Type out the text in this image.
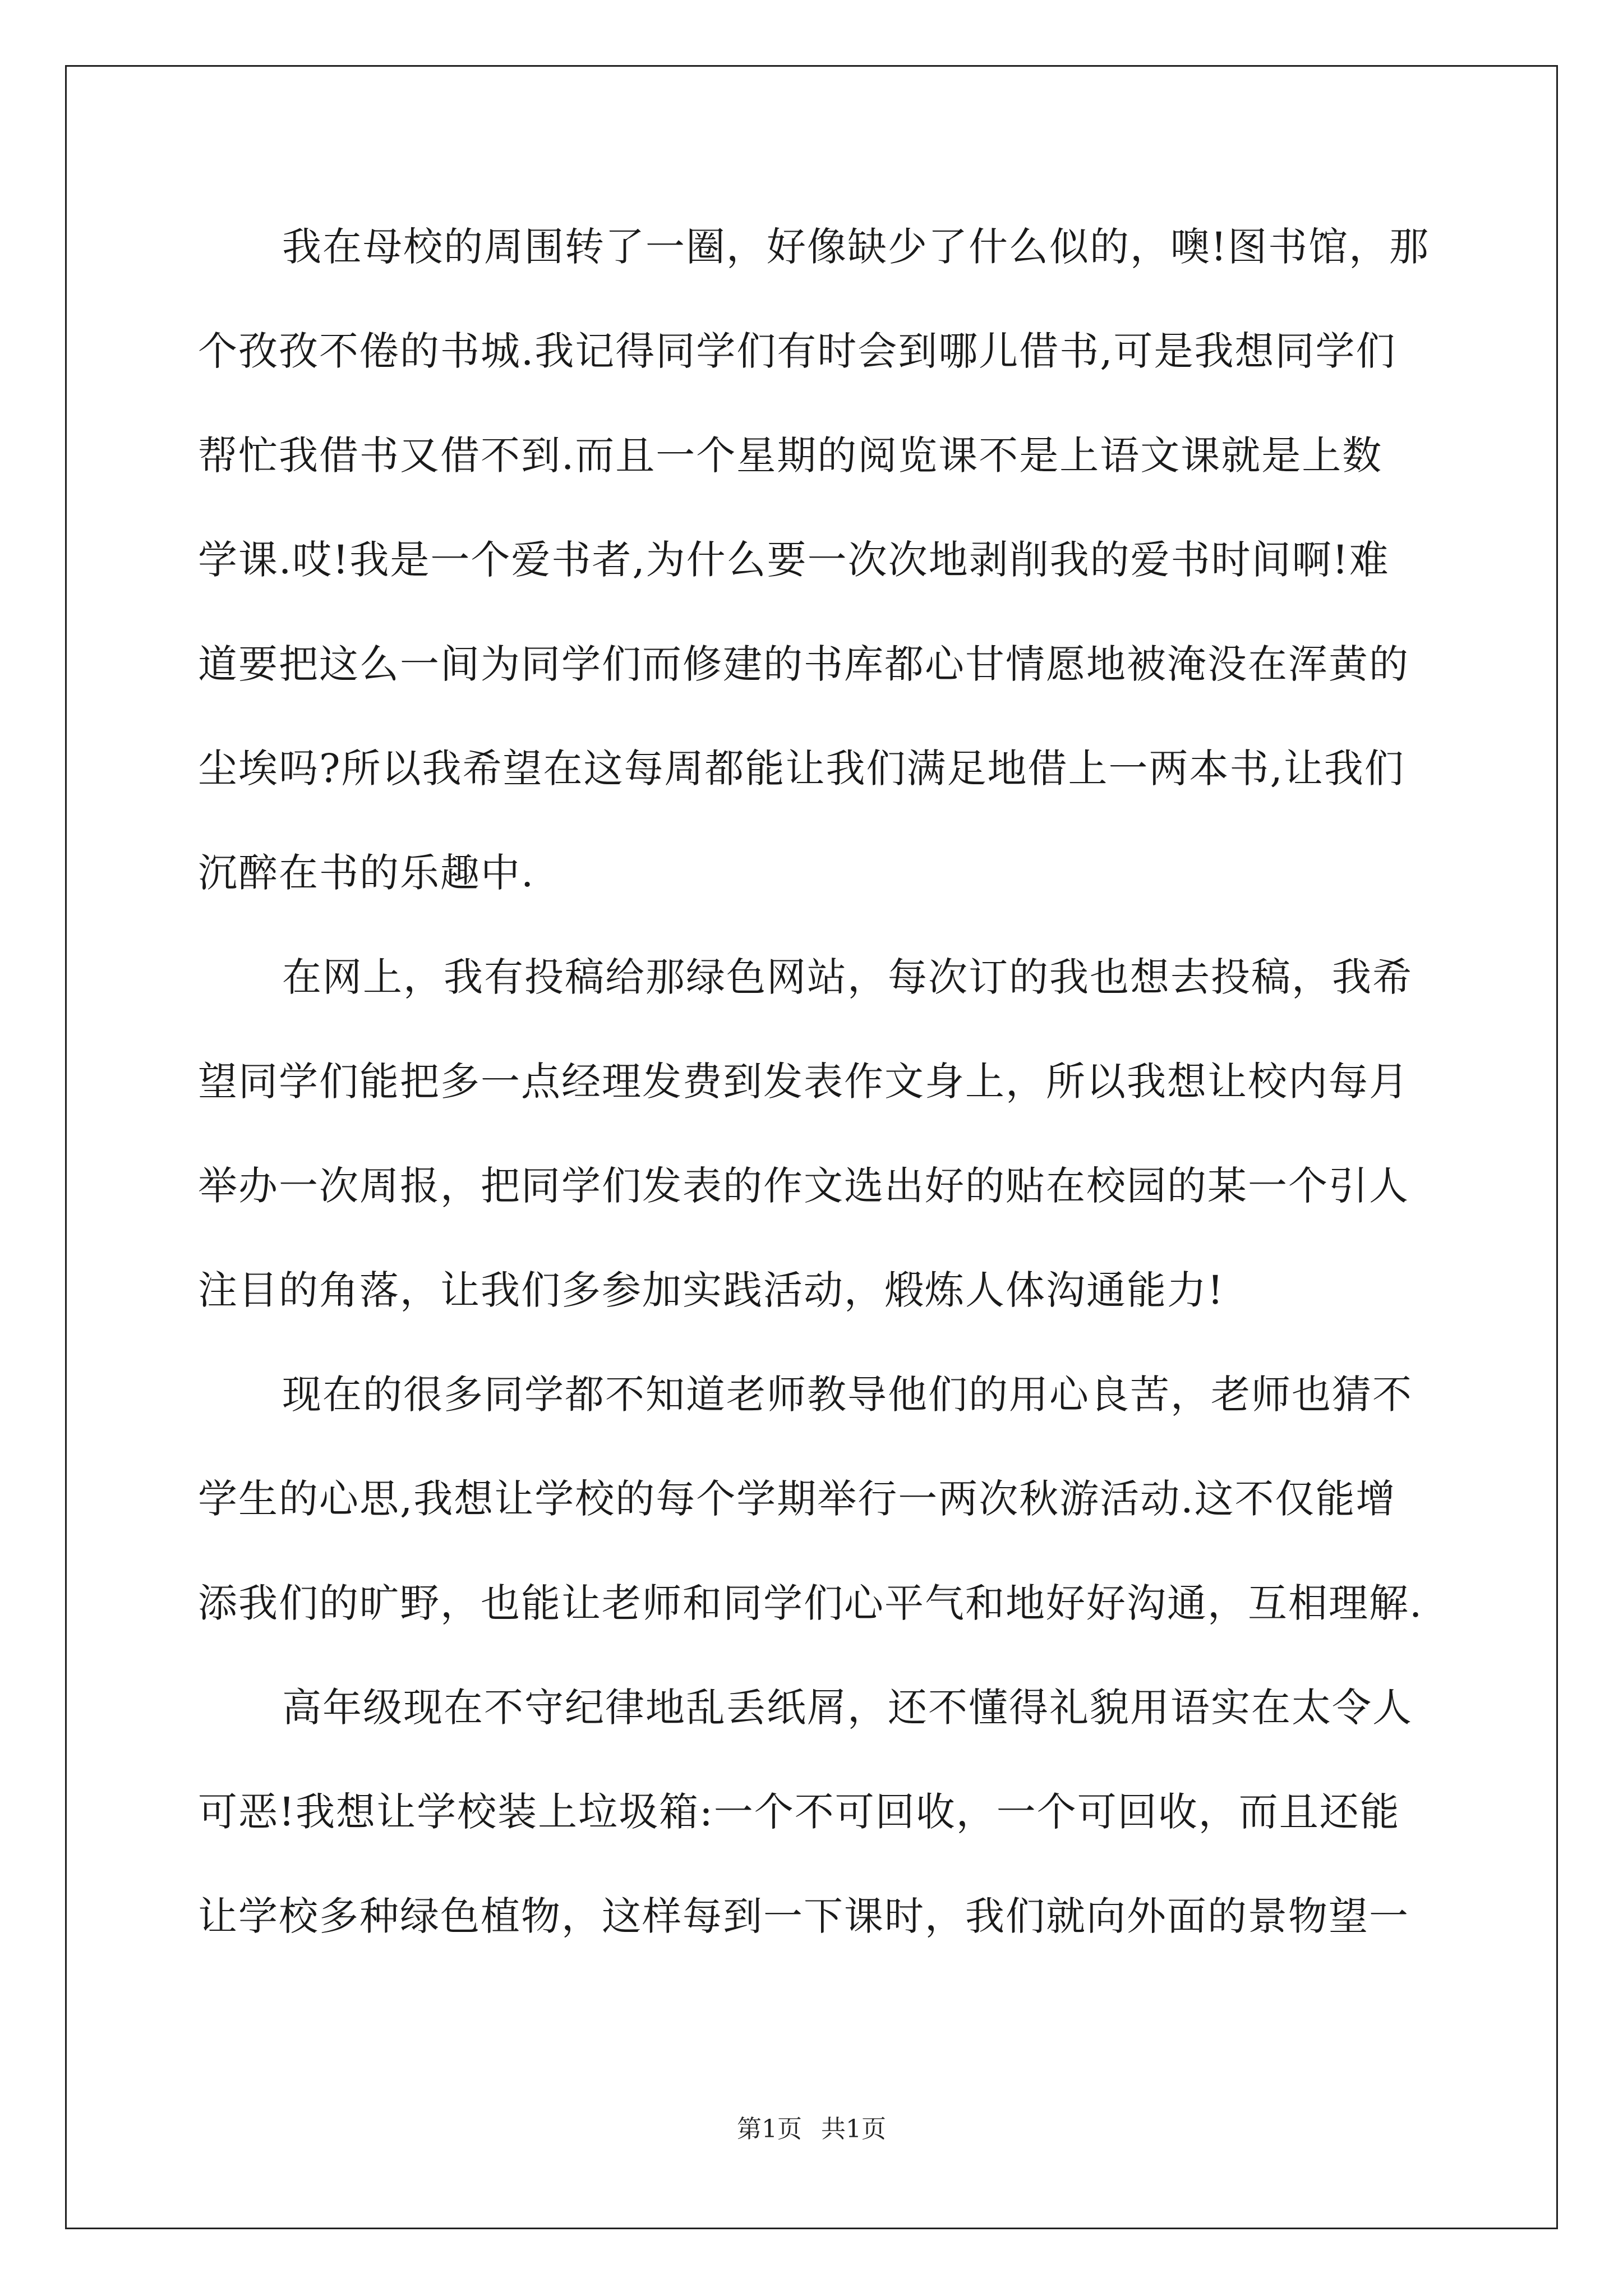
我在母校的周围转了一圈，好像缺少了什么似的，噢!图书馆，那
个孜孜不倦的书城.我记得同学们有时会到哪儿借书,可是我想同学们
帮忙我借书又借不到.而且一个星期的阅览课不是上语文课就是上数
学课.哎!我是一个爱书者,为什么要一次次地剥削我的爱书时间啊!难
道要把这么一间为同学们而修建的书库都心甘情愿地被淹没在浑黄的
尘埃吗?所以我希望在这每周都能让我们满足地借上一两本书,让我们
沉醉在书的乐趣中.
在网上，我有投稿给那绿色网站，每次订的我也想去投稿，我希
望同学们能把多一点经理发费到发表作文身上，所以我想让校内每月
举办一次周报，把同学们发表的作文选出好的贴在校园的某一个引人
注目的角落，让我们多参加实践活动，煅炼人体沟通能力!
现在的很多同学都不知道老师教导他们的用心良苦，老师也猜不
学生的心思,我想让学校的每个学期举行一两次秋游活动.这不仅能增
添我们的旷野，也能让老师和同学们心平气和地好好沟通，互相理解.
高年级现在不守纪律地乱丢纸屑，还不懂得礼貌用语实在太令人
可恶!我想让学校装上垃圾箱:一个不可回收，一个可回收，而且还能
让学校多种绿色植物，这样每到一下课时，我们就向外面的景物望一
第1页 共1页
